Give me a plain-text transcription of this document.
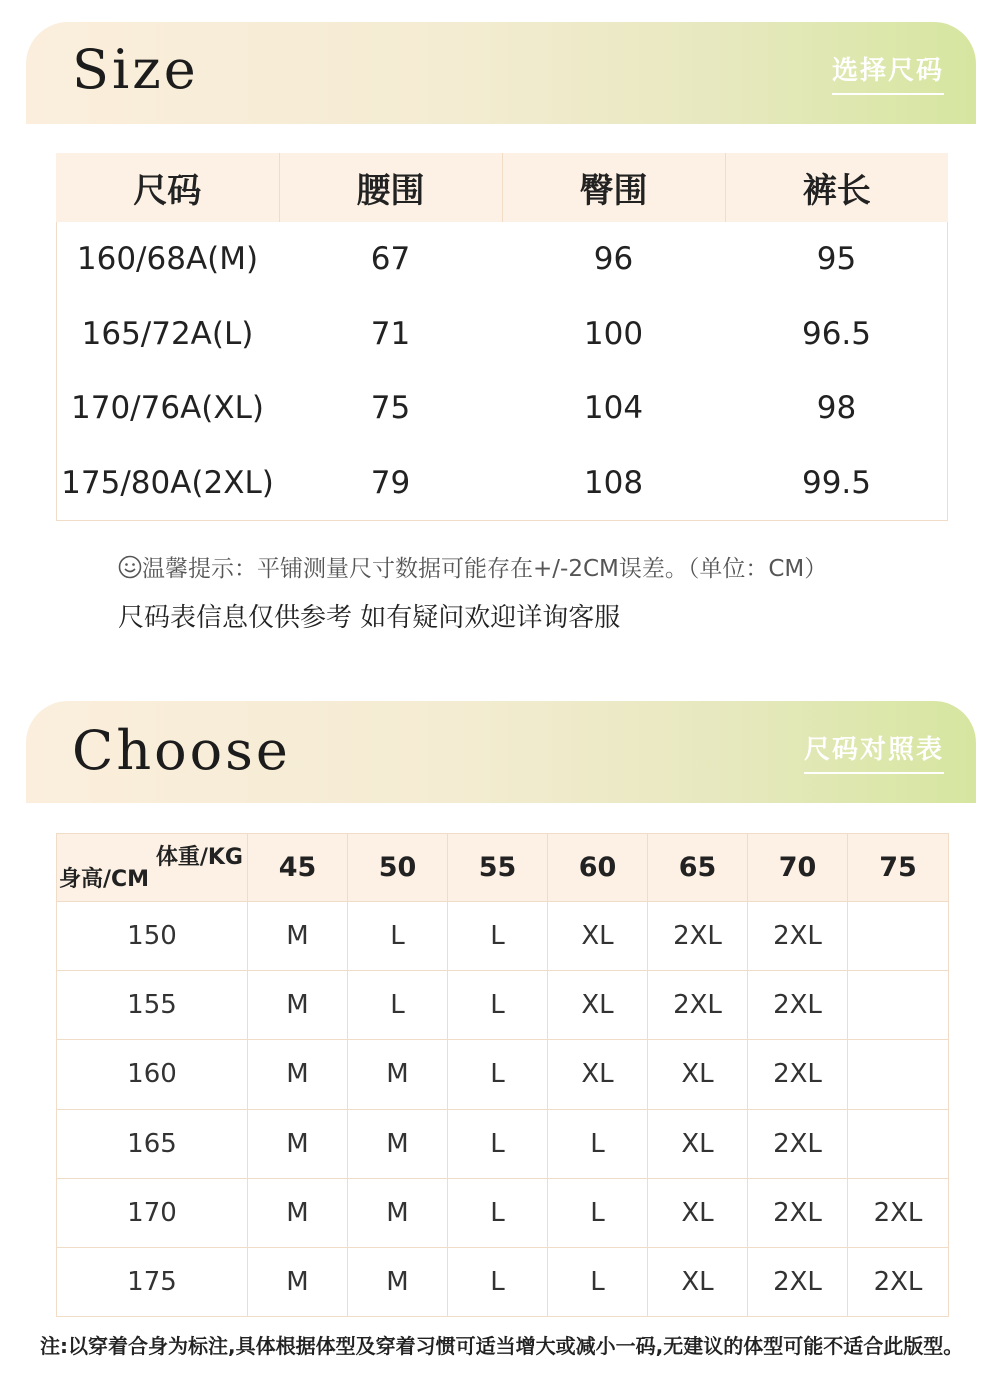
Size	选择尺码
尺码	腰围	臀围	裤长
160/68A(M)	67	96	95
165/72A(L)	71	100	96.5
170/76A(XL)	75	104	98
175/80A(2XL)	79	108	99.5
温馨提示：平铺测量尺寸数据可能存在+/-2CM误差。（单位：CM）
尺码表信息仅供参考 如有疑问欢迎详询客服
Choose	尺码对照表
体重/KG
身高/CM	45	50	55	60	65	70	75
150	M	L	L	XL	2XL	2XL	
155	M	L	L	XL	2XL	2XL	
160	M	M	L	XL	XL	2XL	
165	M	M	L	L	XL	2XL	
170	M	M	L	L	XL	2XL	2XL
175	M	M	L	L	XL	2XL	2XL
注:以穿着合身为标注,具体根据体型及穿着习惯可适当增大或减小一码,无建议的体型可能不适合此版型。
